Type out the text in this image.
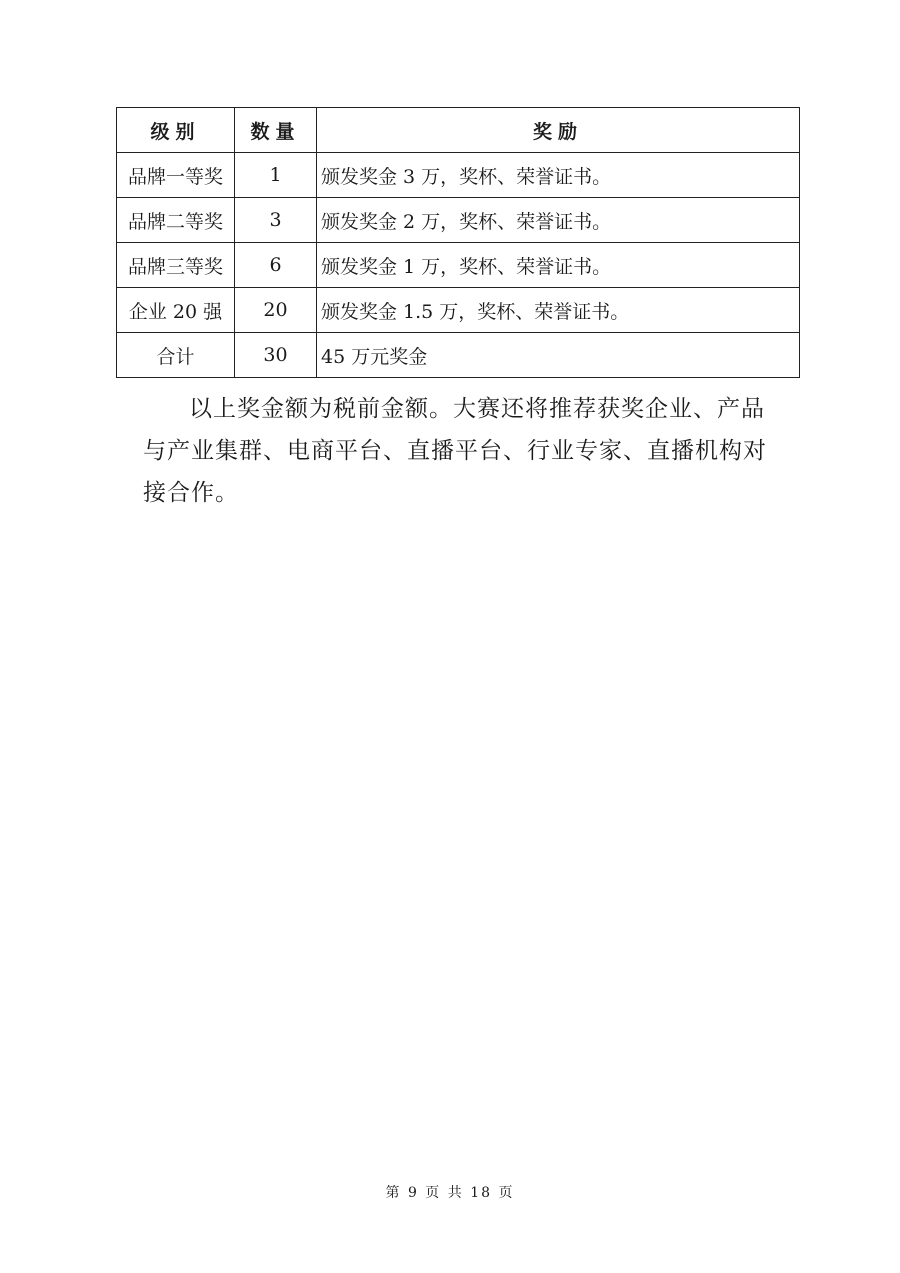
级别	数量	奖励
品牌一等奖	1	颁发奖金 3 万，奖杯、荣誉证书。
品牌二等奖	3	颁发奖金 2 万，奖杯、荣誉证书。
品牌三等奖	6	颁发奖金 1 万，奖杯、荣誉证书。
企业 20 强	20	颁发奖金 1.5 万，奖杯、荣誉证书。
合计	30	45 万元奖金

以上奖金额为税前金额。大赛还将推荐获奖企业、产品与产业集群、电商平台、直播平台、行业专家、直播机构对接合作。

第 9 页 共 18 页
